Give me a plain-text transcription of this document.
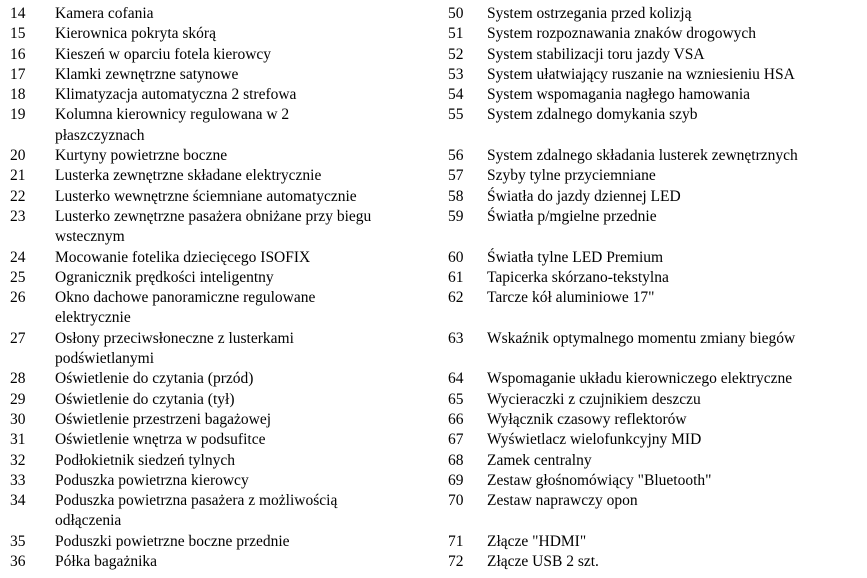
14 Kamera cofania
15 Kierownica pokryta skórą
16 Kieszeń w oparciu fotela kierowcy
17 Klamki zewnętrzne satynowe
18 Klimatyzacja automatyczna 2 strefowa
19 Kolumna kierownicy regulowana w 2
płaszczyznach
20 Kurtyny powietrzne boczne
21 Lusterka zewnętrzne składane elektrycznie
22 Lusterko wewnętrzne ściemniane automatycznie
23 Lusterko zewnętrzne pasażera obniżane przy biegu
wstecznym
24 Mocowanie fotelika dziecięcego ISOFIX
25 Ogranicznik prędkości inteligentny
26 Okno dachowe panoramiczne regulowane
elektrycznie
27 Osłony przeciwsłoneczne z lusterkami
podświetlanymi
28 Oświetlenie do czytania (przód)
29 Oświetlenie do czytania (tył)
30 Oświetlenie przestrzeni bagażowej
31 Oświetlenie wnętrza w podsufitce
32 Podłokietnik siedzeń tylnych
33 Poduszka powietrzna kierowcy
34 Poduszka powietrzna pasażera z możliwością
odłączenia
35 Poduszki powietrzne boczne przednie
36 Półka bagażnika
50 System ostrzegania przed kolizją
51 System rozpoznawania znaków drogowych
52 System stabilizacji toru jazdy VSA
53 System ułatwiający ruszanie na wzniesieniu HSA
54 System wspomagania nagłego hamowania
55 System zdalnego domykania szyb

56 System zdalnego składania lusterek zewnętrznych
57 Szyby tylne przyciemniane
58 Światła do jazdy dziennej LED
59 Światła p/mgielne przednie

60 Światła tylne LED Premium
61 Tapicerka skórzano-tekstylna
62 Tarcze kół aluminiowe 17"

63 Wskaźnik optymalnego momentu zmiany biegów

64 Wspomaganie układu kierowniczego elektryczne
65 Wycieraczki z czujnikiem deszczu
66 Wyłącznik czasowy reflektorów
67 Wyświetlacz wielofunkcyjny MID
68 Zamek centralny
69 Zestaw głośnomówiący "Bluetooth"
70 Zestaw naprawczy opon

71 Złącze "HDMI"
72 Złącze USB 2 szt.
